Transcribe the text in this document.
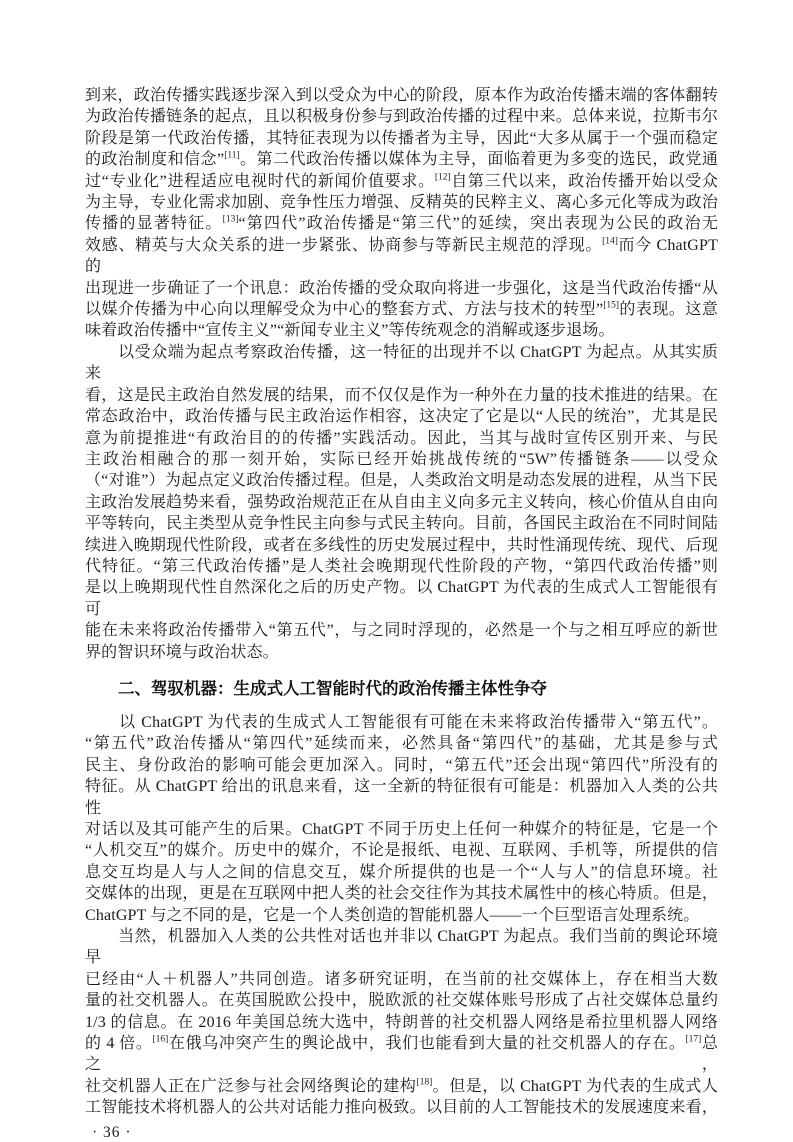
到来，政治传播实践逐步深入到以受众为中心的阶段，原本作为政治传播末端的客体翻转
为政治传播链条的起点，且以积极身份参与到政治传播的过程中来。总体来说，拉斯韦尔
阶段是第一代政治传播，其特征表现为以传播者为主导，因此“大多从属于一个强而稳定
的政治制度和信念”[11]。第二代政治传播以媒体为主导，面临着更为多变的选民，政党通
过“专业化”进程适应电视时代的新闻价值要求。[12]自第三代以来，政治传播开始以受众
为主导，专业化需求加剧、竞争性压力增强、反精英的民粹主义、离心多元化等成为政治
传播的显著特征。[13]“第四代”政治传播是“第三代”的延续，突出表现为公民的政治无
效感、精英与大众关系的进一步紧张、协商参与等新民主规范的浮现。[14]而今 ChatGPT 的
出现进一步确证了一个讯息：政治传播的受众取向将进一步强化，这是当代政治传播“从
以媒介传播为中心向以理解受众为中心的整套方式、方法与技术的转型”[15]的表现。这意
味着政治传播中“宣传主义”“新闻专业主义”等传统观念的消解或逐步退场。
　　以受众端为起点考察政治传播，这一特征的出现并不以 ChatGPT 为起点。从其实质来
看，这是民主政治自然发展的结果，而不仅仅是作为一种外在力量的技术推进的结果。在
常态政治中，政治传播与民主政治运作相容，这决定了它是以“人民的统治”，尤其是民
意为前提推进“有政治目的的传播”实践活动。因此，当其与战时宣传区别开来、与民
主政治相融合的那一刻开始，实际已经开始挑战传统的“5W”传播链条——以受众
（“对谁”）为起点定义政治传播过程。但是，人类政治文明是动态发展的进程，从当下民
主政治发展趋势来看，强势政治规范正在从自由主义向多元主义转向，核心价值从自由向
平等转向，民主类型从竞争性民主向参与式民主转向。目前，各国民主政治在不同时间陆
续进入晚期现代性阶段，或者在多线性的历史发展过程中，共时性涌现传统、现代、后现
代特征。“第三代政治传播”是人类社会晚期现代性阶段的产物，“第四代政治传播”则
是以上晚期现代性自然深化之后的历史产物。以 ChatGPT 为代表的生成式人工智能很有可
能在未来将政治传播带入“第五代”，与之同时浮现的，必然是一个与之相互呼应的新世
界的智识环境与政治状态。
二、驾驭机器：生成式人工智能时代的政治传播主体性争夺
　　以 ChatGPT 为代表的生成式人工智能很有可能在未来将政治传播带入“第五代”。
“第五代”政治传播从“第四代”延续而来，必然具备“第四代”的基础，尤其是参与式
民主、身份政治的影响可能会更加深入。同时，“第五代”还会出现“第四代”所没有的
特征。从 ChatGPT 给出的讯息来看，这一全新的特征很有可能是：机器加入人类的公共性
对话以及其可能产生的后果。ChatGPT 不同于历史上任何一种媒介的特征是，它是一个
“人机交互”的媒介。历史中的媒介，不论是报纸、电视、互联网、手机等，所提供的信
息交互均是人与人之间的信息交互，媒介所提供的也是一个“人与人”的信息环境。社
交媒体的出现，更是在互联网中把人类的社会交往作为其技术属性中的核心特质。但是，
ChatGPT 与之不同的是，它是一个人类创造的智能机器人——一个巨型语言处理系统。
　　当然，机器加入人类的公共性对话也并非以 ChatGPT 为起点。我们当前的舆论环境早
已经由“人＋机器人”共同创造。诸多研究证明，在当前的社交媒体上，存在相当大数
量的社交机器人。在英国脱欧公投中，脱欧派的社交媒体账号形成了占社交媒体总量约
1/3 的信息。在 2016 年美国总统大选中，特朗普的社交机器人网络是希拉里机器人网络
的 4 倍。[16]在俄乌冲突产生的舆论战中，我们也能看到大量的社交机器人的存在。[17]总之，
社交机器人正在广泛参与社会网络舆论的建构[18]。但是，以 ChatGPT 为代表的生成式人
工智能技术将机器人的公共对话能力推向极致。以目前的人工智能技术的发展速度来看，
· 36 ·
